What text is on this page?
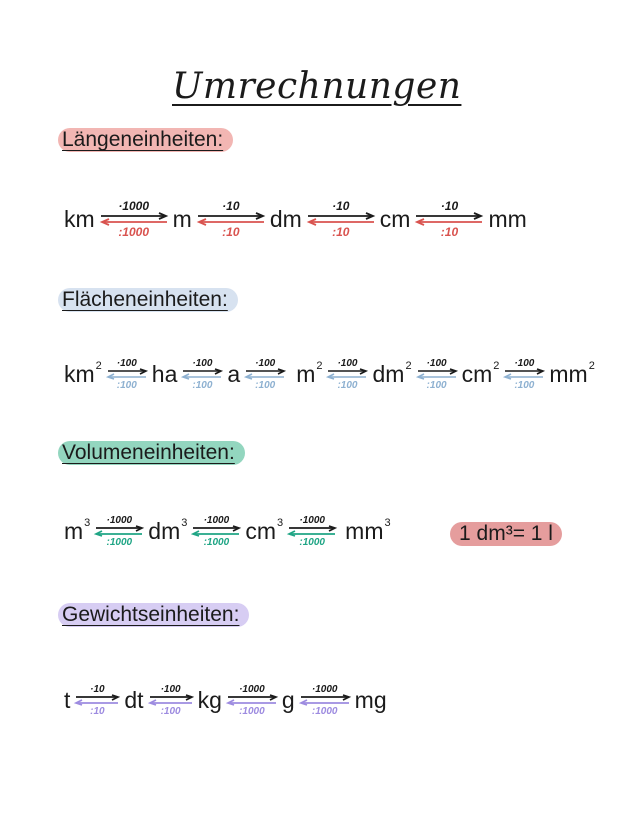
Umrechnungen
Längeneinheiten:
km ·1000
:1000 m	·10
:10 dm	·10
:10 cm	·10
:10 mm
Flächeneinheiten:
$km^2 \cdot 100$
:100 ha ·100
:100 a ·100
:100 $m^2 \cdot 100$
:100 $dm^2 \cdot 100$
:100 $cm^2 \cdot 100$
:100 $mm^2$
Volumeneinheiten:
$m^3 \cdot 1000$
:1000 $dm^3 \cdot 1000$
:1000 $cm^3 \cdot 1000$
:1000 $mm^3$	1 dm³= 1 l
Gewichtseinheiten:
t ·10
:10 dt ·100
:100 kg ·1000
:1000 g ·1000
:1000 mg
